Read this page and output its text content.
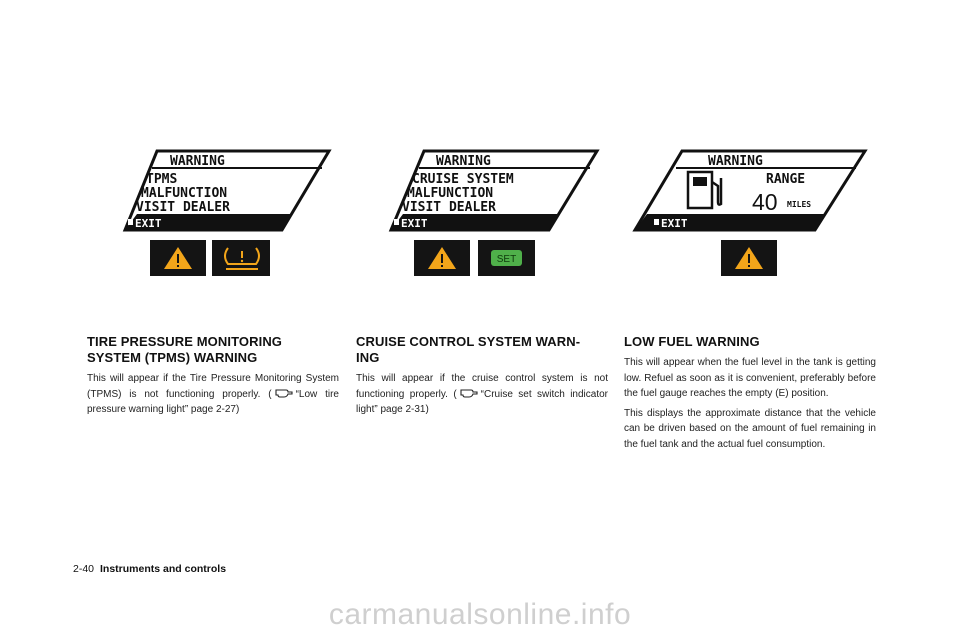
WARNING
TPMS
MALFUNCTION
VISIT DEALER
EXIT
WARNING
CRUISE SYSTEM
MALFUNCTION
VISIT DEALER
EXIT
SET
WARNING
RANGE
40 MILES
EXIT
TIRE PRESSURE MONITORING
SYSTEM (TPMS) WARNING

This will appear if the Tire Pressure Monitoring System (TPMS) is not functioning properly. ( “Low tire pressure warning light” page 2-27)

CRUISE CONTROL SYSTEM WARN-
ING

This will appear if the cruise control system is not functioning properly. ( “Cruise set switch indicator light” page 2-31)

LOW FUEL WARNING

This will appear when the fuel level in the tank is getting low. Refuel as soon as it is convenient, preferably before the fuel gauge reaches the empty (E) position.

This displays the approximate distance that the vehicle can be driven based on the amount of fuel remaining in the fuel tank and the actual fuel consumption.

2-40 Instruments and controls
carmanualsonline.info
